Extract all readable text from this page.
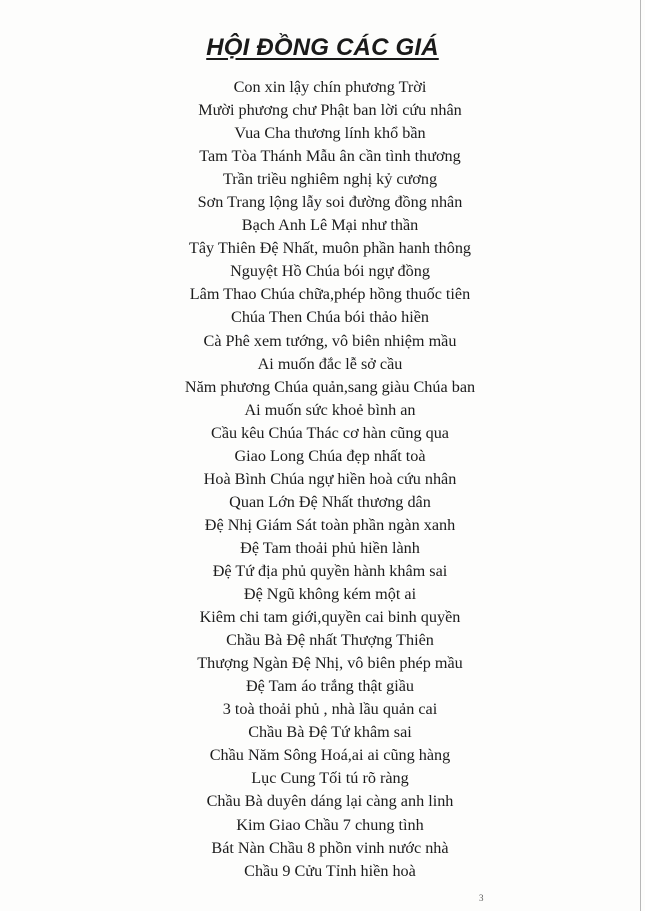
HỘI ĐỒNG CÁC GIÁ
Con xin lậy chín phương Trời
Mười phương chư Phật ban lời cứu nhân
Vua Cha thương lính khổ bần
Tam Tòa Thánh Mẫu ân cần tình thương
Trần triều nghiêm nghị kỷ cương
Sơn Trang lộng lẫy soi đường đồng nhân
Bạch Anh Lê Mại như thần
Tây Thiên Đệ Nhất, muôn phần hanh thông
Nguyệt Hồ Chúa bói ngự đồng
Lâm Thao Chúa chữa,phép hồng thuốc tiên
Chúa Then Chúa bói thảo hiền
Cà Phê xem tướng, vô biên nhiệm mầu
Ai muốn đắc lễ sở cầu
Năm phương Chúa quản,sang giàu Chúa ban
Ai muốn sức khoẻ bình an
Cầu kêu Chúa Thác cơ hàn cũng qua
Giao Long Chúa đẹp nhất toà
Hoà Bình Chúa ngự hiền hoà cứu nhân
Quan Lớn Đệ Nhất thương dân
Đệ Nhị Giám Sát toàn phần ngàn xanh
Đệ Tam thoải phủ hiền lành
Đệ Tứ địa phủ quyền hành khâm sai
Đệ Ngũ không kém một ai
Kiêm chi tam giới,quyền cai binh quyền
Chầu Bà Đệ nhất Thượng Thiên
Thượng Ngàn Đệ Nhị, vô biên phép mầu
Đệ Tam áo trắng thật giầu
3 toà thoải phủ , nhà lầu quản cai
Chầu Bà Đệ Tứ khâm sai
Chầu Năm Sông Hoá,ai ai cũng hàng
Lục Cung Tối tú rõ ràng
Chầu Bà duyên dáng lại càng anh linh
Kim Giao Chầu 7 chung tình
Bát Nàn Chầu 8 phồn vinh nước nhà
Chầu 9 Cửu Tỉnh hiền hoà
3
